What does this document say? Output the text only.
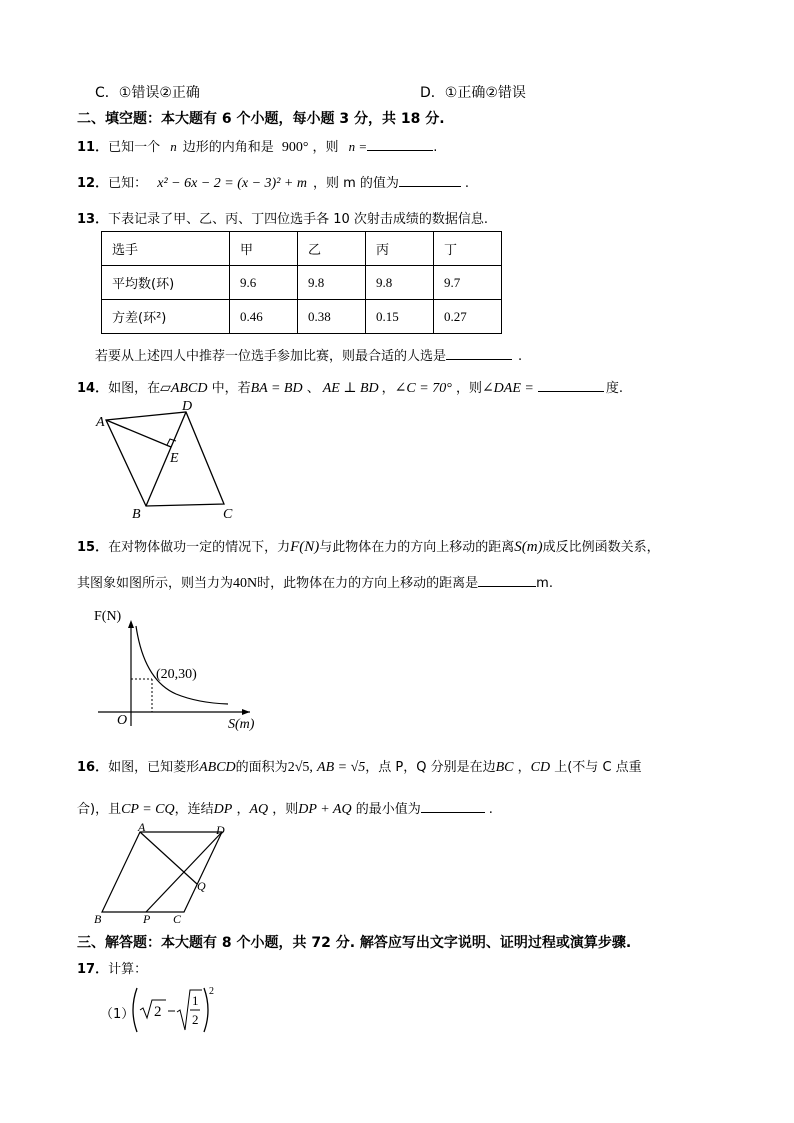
C．①错误②正确	D．①正确②错误
二、填空题：本大题有 6 个小题，每小题 3 分，共 18 分.
11．已知一个 n 边形的内角和是 900° ，则 n =	.
12．已知： x² − 6x − 2 = (x − 3)² + m ，则 m 的值为	.
13．下表记录了甲、乙、丙、丁四位选手各 10 次射击成绩的数据信息.
选手	甲	乙	丙	丁
平均数(环)	9.6	9.8	9.8	9.7
方差(环²)	0.46	0.38	0.15	0.27
若要从上述四人中推荐一位选手参加比赛，则最合适的人选是	.
14．如图，在▱ABCD 中，若BA = BD 、 AE ⊥ BD ，∠C = 70° ，则∠DAE =	度.
A
D
E
B	C
15．在对物体做功一定的情况下，力F(N)与此物体在力的方向上移动的距离S(m)成反比例函数关系，
其图象如图所示，则当力为40N时，此物体在力的方向上移动的距离是	m.
F(N)
S(m)
O
(20,30)
16．如图，已知菱形ABCD的面积为2√5, AB = √5，点 P，Q 分别是在边BC ，CD 上(不与 C 点重
合)，且CP = CQ，连结DP ，AQ ，则DP + AQ 的最小值为	.
A	D
Q
B	P C
三、解答题：本大题有 8 个小题，共 72 分. 解答应写出文字说明、证明过程或演算步骤.
17．计算：
（1） 2
1
2
2
